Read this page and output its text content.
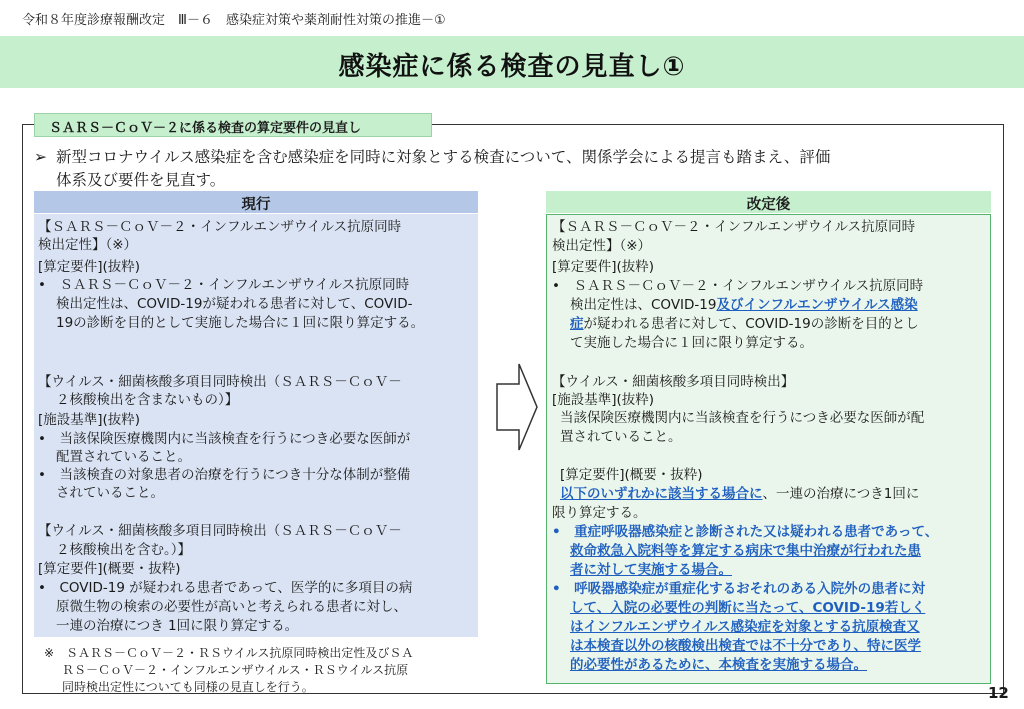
令和８年度診療報酬改定　Ⅲ－６　感染症対策や薬剤耐性対策の推進－①
感染症に係る検査の見直し①
ＳＡＲＳ－ＣｏＶ－２に係る検査の算定要件の見直し
➢ 新型コロナウイルス感染症を含む感染症を同時に対象とする検査について、関係学会による提言も踏まえ、評価
体系及び要件を見直す。
現行	改定後
【ＳＡＲＳ－ＣｏＶ－２・インフルエンザウイルス抗原同時
検出定性】（※）
[算定要件](抜粋)
•　ＳＡＲＳ－ＣｏＶ－２・インフルエンザウイルス抗原同時
検出定性は、COVID-19が疑われる患者に対して、COVID-
19の診断を目的として実施した場合に１回に限り算定する。
【ウイルス・細菌核酸多項目同時検出（ＳＡＲＳ－ＣｏＶ－
２核酸検出を含まないもの）】
[施設基準](抜粋)
•　当該保険医療機関内に当該検査を行うにつき必要な医師が
配置されていること。
•　当該検査の対象患者の治療を行うにつき十分な体制が整備
されていること。
【ウイルス・細菌核酸多項目同時検出（ＳＡＲＳ－ＣｏＶ－
２核酸検出を含む。）】
[算定要件](概要・抜粋)
•　COVID-19 が疑われる患者であって、医学的に多項目の病
原微生物の検索の必要性が高いと考えられる患者に対し、
一連の治療につき 1回に限り算定する。
※　ＳＡＲＳ－ＣｏＶ－２・ＲＳウイルス抗原同時検出定性及びＳＡ
ＲＳ－ＣｏＶ－２・インフルエンザウイルス・ＲＳウイルス抗原
同時検出定性についても同様の見直しを行う。
【ＳＡＲＳ－ＣｏＶ－２・インフルエンザウイルス抗原同時
検出定性】（※）
[算定要件](抜粋)
•　ＳＡＲＳ－ＣｏＶ－２・インフルエンザウイルス抗原同時
検出定性は、COVID-19及びインフルエンザウイルス感染
症が疑われる患者に対して、COVID-19の診断を目的とし
て実施した場合に１回に限り算定する。
【ウイルス・細菌核酸多項目同時検出】
[施設基準](抜粋)
当該保険医療機関内に当該検査を行うにつき必要な医師が配
置されていること。
[算定要件](概要・抜粋)
以下のいずれかに該当する場合に、一連の治療につき1回に
限り算定する。
•　重症呼吸器感染症と診断された又は疑われる患者であって、
救命救急入院料等を算定する病床で集中治療が行われた患
者に対して実施する場合。
•　呼吸器感染症が重症化するおそれのある入院外の患者に対
して、入院の必要性の判断に当たって、COVID-19若しく
はインフルエンザウイルス感染症を対象とする抗原検査又
は本検査以外の核酸検出検査では不十分であり、特に医学
的必要性があるために、本検査を実施する場合。
12
